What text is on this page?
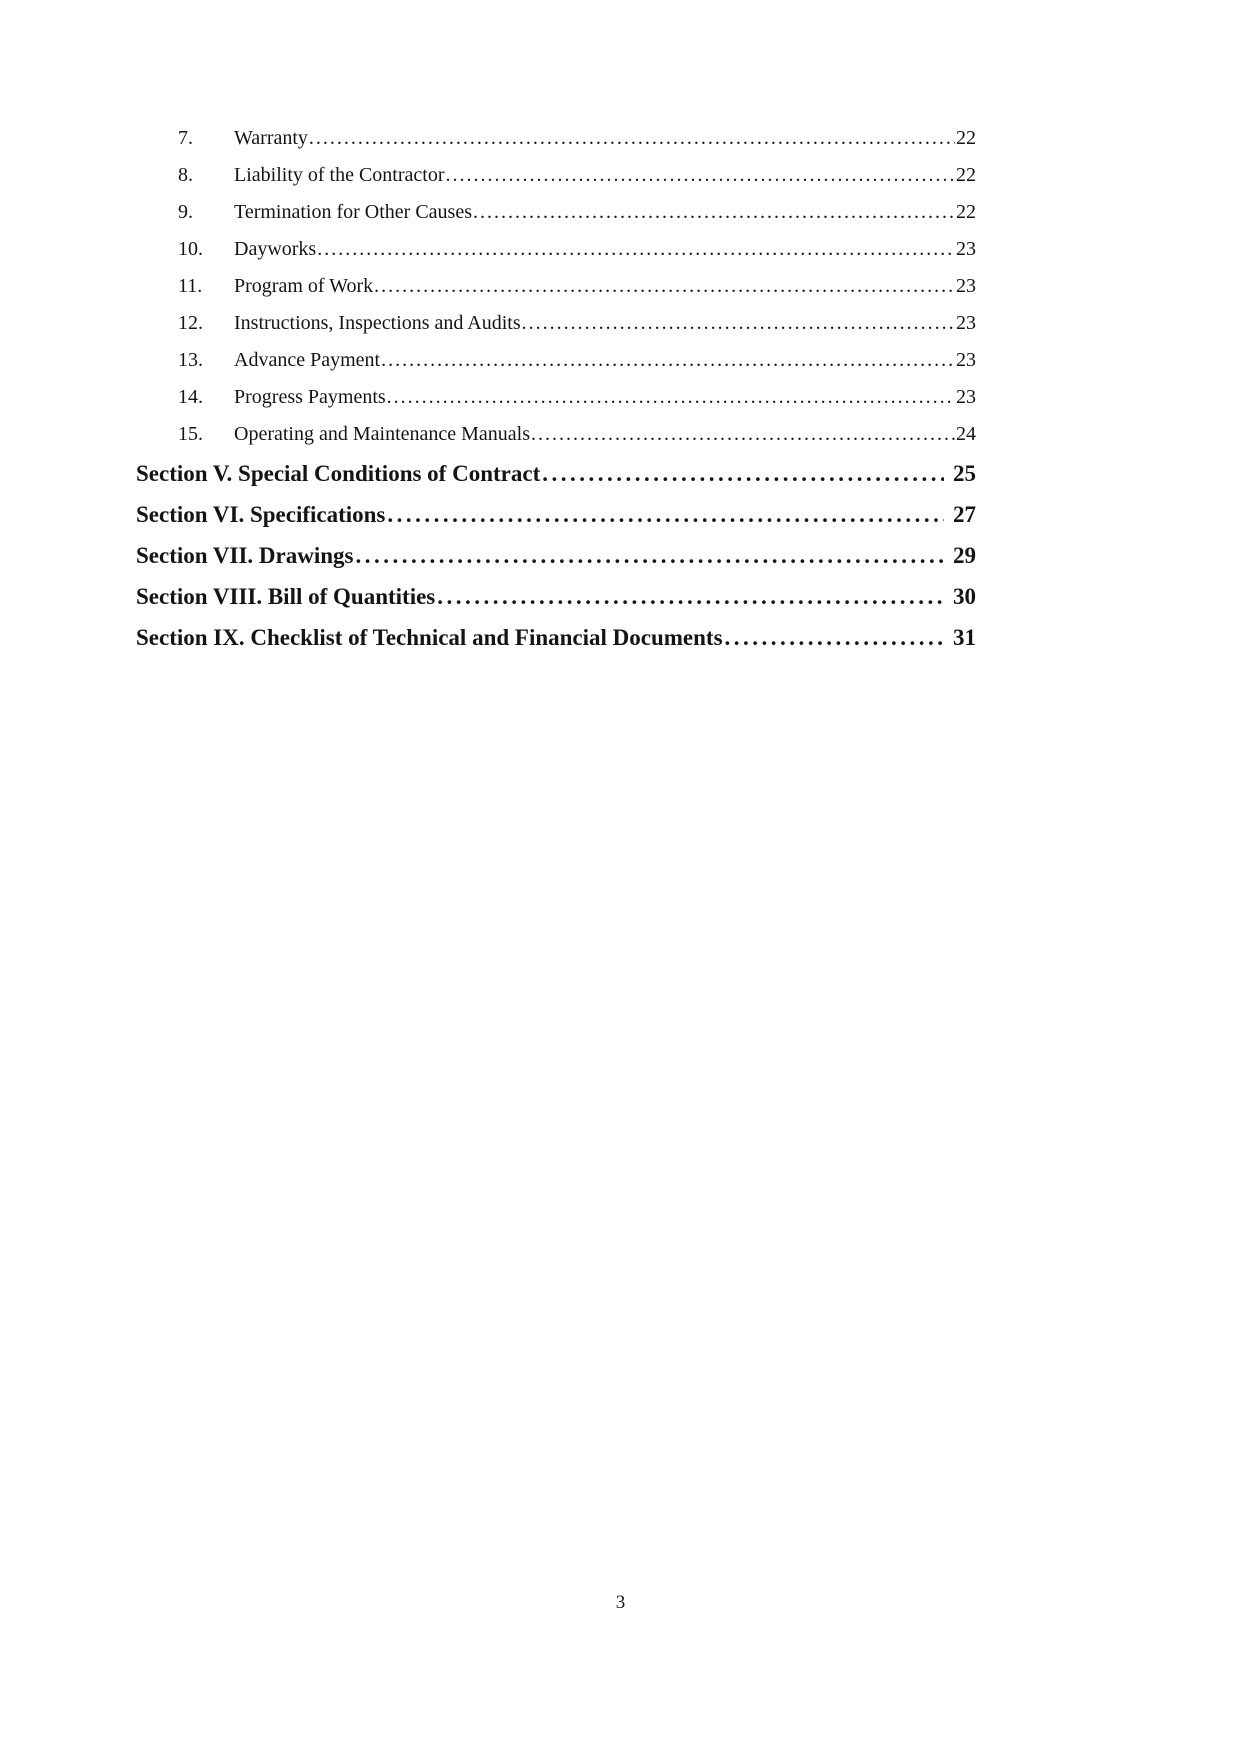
7.	Warranty .....	22
8.	Liability of the Contractor .....	22
9.	Termination for Other Causes .....	22
10.	Dayworks .....	23
11.	Program of Work .....	23
12.	Instructions, Inspections and Audits .....	23
13.	Advance Payment .....	23
14.	Progress Payments .....	23
15.	Operating and Maintenance Manuals .....	24
Section V. Special Conditions of Contract .....	25
Section VI. Specifications .....	27
Section VII. Drawings .....	29
Section VIII. Bill of Quantities .....	30
Section IX. Checklist of Technical and Financial Documents .....	31
3
